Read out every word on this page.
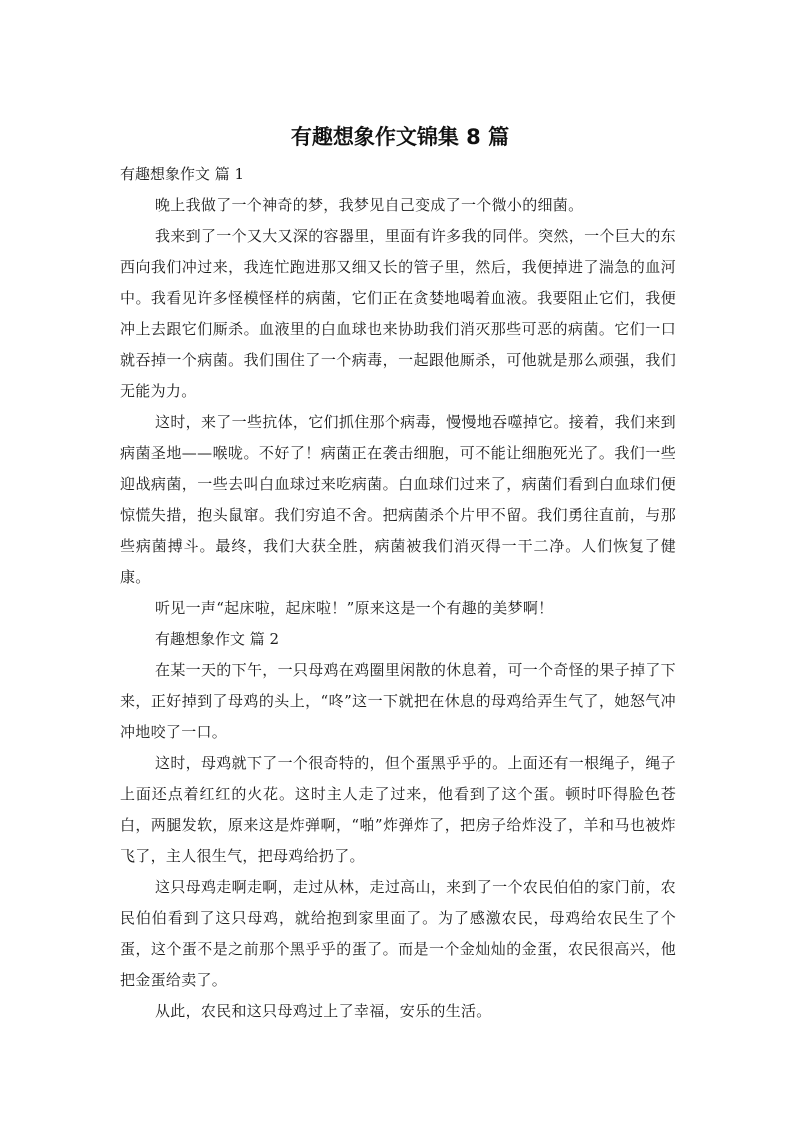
有趣想象作文锦集 8 篇

有趣想象作文 篇 1

晚上我做了一个神奇的梦，我梦见自己变成了一个微小的细菌。

我来到了一个又大又深的容器里，里面有许多我的同伴。突然，一个巨大的东西向我们冲过来，我连忙跑进那又细又长的管子里，然后，我便掉进了湍急的血河中。我看见许多怪模怪样的病菌，它们正在贪婪地喝着血液。我要阻止它们，我便冲上去跟它们厮杀。血液里的白血球也来协助我们消灭那些可恶的病菌。它们一口就吞掉一个病菌。我们围住了一个病毒，一起跟他厮杀，可他就是那么顽强，我们无能为力。

这时，来了一些抗体，它们抓住那个病毒，慢慢地吞噬掉它。接着，我们来到病菌圣地——喉咙。不好了！病菌正在袭击细胞，可不能让细胞死光了。我们一些迎战病菌，一些去叫白血球过来吃病菌。白血球们过来了，病菌们看到白血球们便惊慌失措，抱头鼠窜。我们穷追不舍。把病菌杀个片甲不留。我们勇往直前，与那些病菌搏斗。最终，我们大获全胜，病菌被我们消灭得一干二净。人们恢复了健康。

听见一声“起床啦，起床啦！”原来这是一个有趣的美梦啊！

有趣想象作文 篇 2

在某一天的下午，一只母鸡在鸡圈里闲散的休息着，可一个奇怪的果子掉了下来，正好掉到了母鸡的头上，“咚”这一下就把在休息的母鸡给弄生气了，她怒气冲冲地咬了一口。

这时，母鸡就下了一个很奇特的，但个蛋黑乎乎的。上面还有一根绳子，绳子上面还点着红红的火花。这时主人走了过来，他看到了这个蛋。顿时吓得脸色苍白，两腿发软，原来这是炸弹啊，“啪”炸弹炸了，把房子给炸没了，羊和马也被炸飞了，主人很生气，把母鸡给扔了。

这只母鸡走啊走啊，走过从林，走过高山，来到了一个农民伯伯的家门前，农民伯伯看到了这只母鸡，就给抱到家里面了。为了感激农民，母鸡给农民生了个蛋，这个蛋不是之前那个黑乎乎的蛋了。而是一个金灿灿的金蛋，农民很高兴，他把金蛋给卖了。

从此，农民和这只母鸡过上了幸福，安乐的生活。
